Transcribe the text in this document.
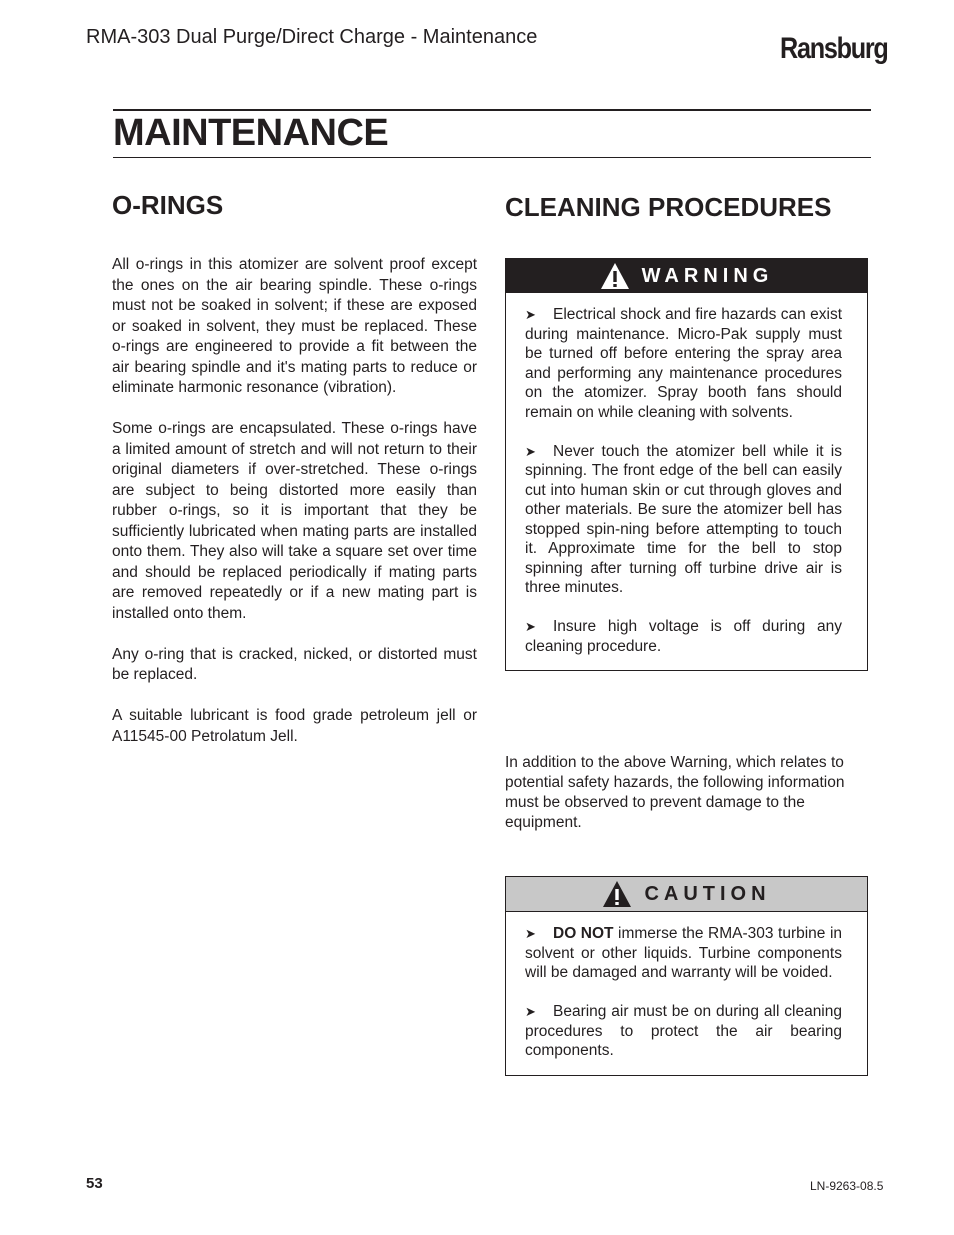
RMA-303 Dual Purge/Direct Charge - Maintenance	Ransburg
MAINTENANCE
O-RINGS	CLEANING PROCEDURES

All o-rings in this atomizer are solvent proof except the ones on the air bearing spindle. These o-rings must not be soaked in solvent; if these are exposed or soaked in solvent, they must be replaced. These o-rings are engineered to provide a fit between the air bearing spindle and it's mating parts to reduce or eliminate harmonic resonance (vibration).

Some o-rings are encapsulated. These o-rings have a limited amount of stretch and will not return to their original diameters if over-stretched. These o-rings are subject to being distorted more easily than rubber o-rings, so it is important that they be sufficiently lubricated when mating parts are installed onto them. They also will take a square set over time and should be replaced periodically if mating parts are removed repeatedly or if a new mating part is installed onto them.

Any o-ring that is cracked, nicked, or distorted must be replaced.

A suitable lubricant is food grade petroleum jell or A11545-00 Petrolatum Jell.

WARNING

➤ Electrical shock and fire hazards can exist during maintenance. Micro-Pak supply must be turned off before entering the spray area and performing any maintenance procedures on the atomizer. Spray booth fans should remain on while cleaning with solvents.

➤ Never touch the atomizer bell while it is spinning. The front edge of the bell can easily cut into human skin or cut through gloves and other materials. Be sure the atomizer bell has stopped spin-ning before attempting to touch it. Approximate time for the bell to stop spinning after turning off turbine drive air is three minutes.

➤ Insure high voltage is off during any cleaning procedure.

In addition to the above Warning, which relates to potential safety hazards, the following information must be observed to prevent damage to the equipment.
CAUTION

➤ DO NOT immerse the RMA-303 turbine in solvent or other liquids. Turbine components will be damaged and warranty will be voided.

➤ Bearing air must be on during all cleaning procedures to protect the air bearing components.

53	LN-9263-08.5
